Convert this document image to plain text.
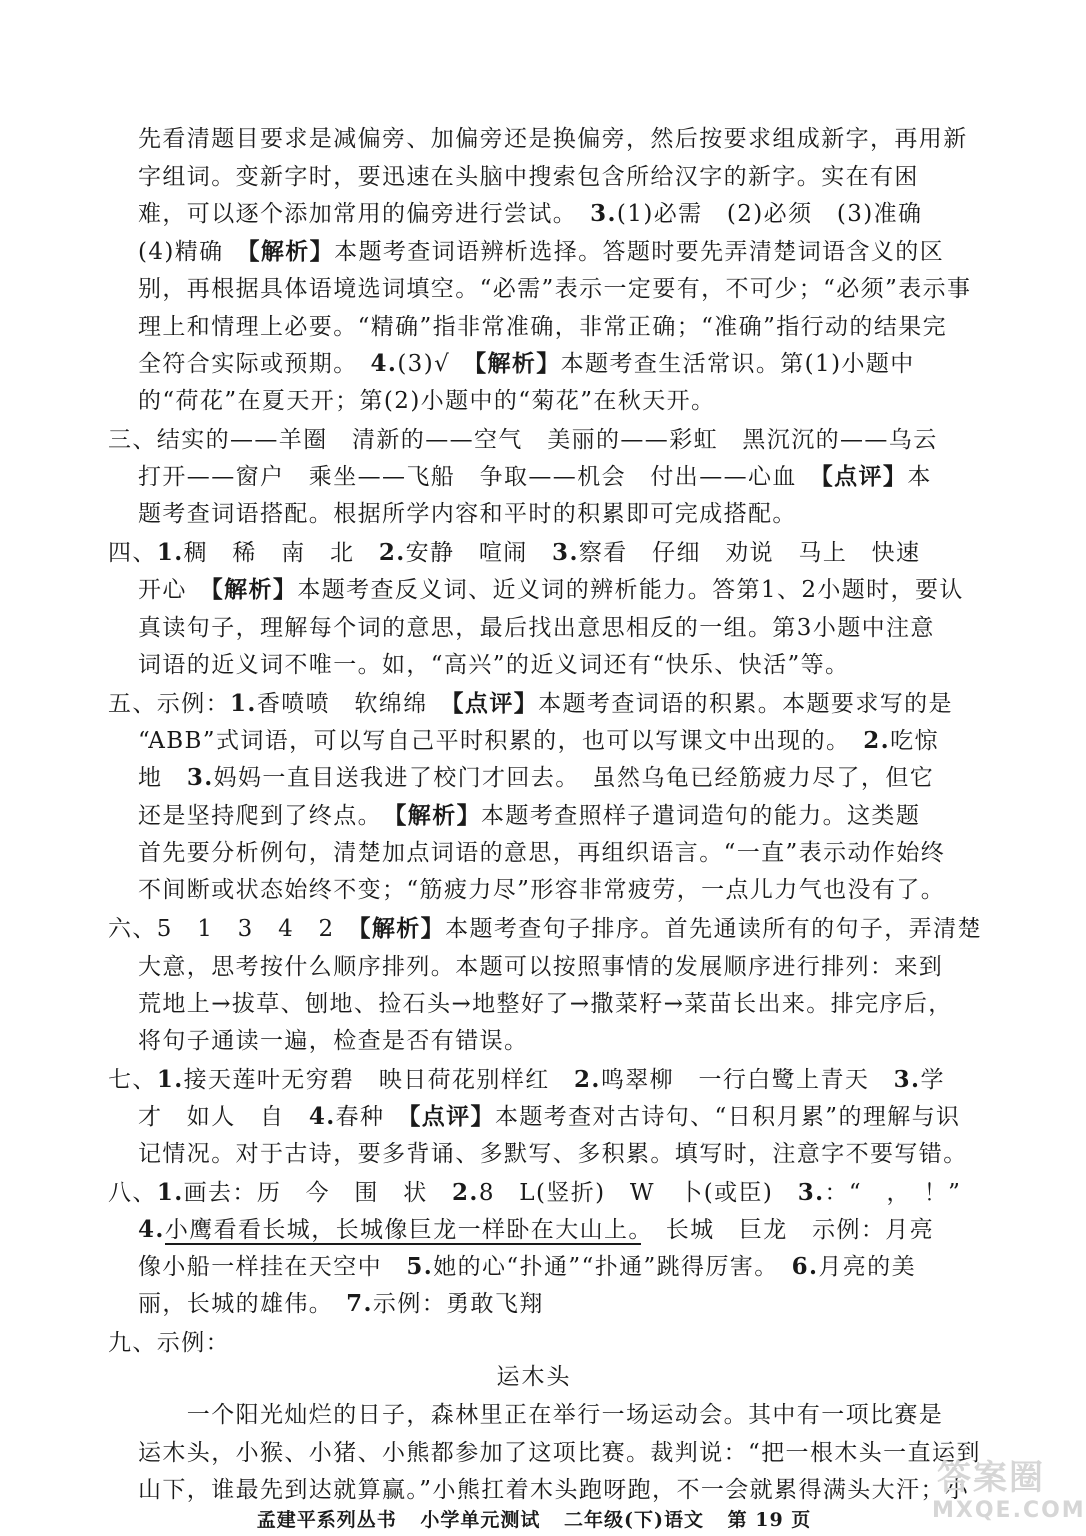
先看清题目要求是减偏旁、加偏旁还是换偏旁，然后按要求组成新字，再用新
字组词。变新字时，要迅速在头脑中搜索包含所给汉字的新字。实在有困
难，可以逐个添加常用的偏旁进行尝试。　3.(1)必需　(2)必须　(3)准确
(4)精确　【解析】本题考查词语辨析选择。答题时要先弄清楚词语含义的区
别，再根据具体语境选词填空。“必需”表示一定要有，不可少；“必须”表示事
理上和情理上必要。“精确”指非常准确，非常正确；“准确”指行动的结果完
全符合实际或预期。　4.(3)√　【解析】本题考查生活常识。第(1)小题中
的“荷花”在夏天开；第(2)小题中的“菊花”在秋天开。
三、结实的——羊圈　清新的——空气　美丽的——彩虹　黑沉沉的——乌云
打开——窗户　乘坐——飞船　争取——机会　付出——心血　【点评】本
题考查词语搭配。根据所学内容和平时的积累即可完成搭配。
四、1.稠　稀　南　北　2.安静　喧闹　3.察看　仔细　劝说　马上　快速
开心　【解析】本题考查反义词、近义词的辨析能力。答第1、2小题时，要认
真读句子，理解每个词的意思，最后找出意思相反的一组。第3小题中注意
词语的近义词不唯一。如，“高兴”的近义词还有“快乐、快活”等。
五、示例：1.香喷喷　软绵绵　【点评】本题考查词语的积累。本题要求写的是
“ABB”式词语，可以写自己平时积累的，也可以写课文中出现的。　2.吃惊
地　3.妈妈一直目送我进了校门才回去。　虽然乌龟已经筋疲力尽了，但它
还是坚持爬到了终点。　【解析】本题考查照样子遣词造句的能力。这类题
首先要分析例句，清楚加点词语的意思，再组织语言。“一直”表示动作始终
不间断或状态始终不变；“筋疲力尽”形容非常疲劳，一点儿力气也没有了。
六、5　1　3　4　2　【解析】本题考查句子排序。首先通读所有的句子，弄清楚
大意，思考按什么顺序排列。本题可以按照事情的发展顺序进行排列：来到
荒地上→拔草、刨地、捡石头→地整好了→撒菜籽→菜苗长出来。排完序后，
将句子通读一遍，检查是否有错误。
七、1.接天莲叶无穷碧　映日荷花别样红　2.鸣翠柳　一行白鹭上青天　3.学
才　如人　自　4.春种　【点评】本题考查对古诗句、“日积月累”的理解与识
记情况。对于古诗，要多背诵、多默写、多积累。填写时，注意字不要写错。
八、1.画去：历　今　围　状　2.8　L(竖折)　W　卜(或臣)　3.：“　，　！”
4.小鹰看看长城，长城像巨龙一样卧在大山上。　长城　巨龙　示例：月亮
像小船一样挂在天空中　5.她的心“扑通”“扑通”跳得厉害。　6.月亮的美
丽，长城的雄伟。　7.示例：勇敢飞翔
九、示例：
运木头
　　一个阳光灿烂的日子，森林里正在举行一场运动会。其中有一项比赛是
运木头，小猴、小猪、小熊都参加了这项比赛。裁判说：“把一根木头一直运到
山下，谁最先到达就算赢。”小熊扛着木头跑呀跑，不一会就累得满头大汗；小
孟建平系列丛书 小学单元测试 二年级(下)语文 第 19 页
答案圈
MXQE.COM
